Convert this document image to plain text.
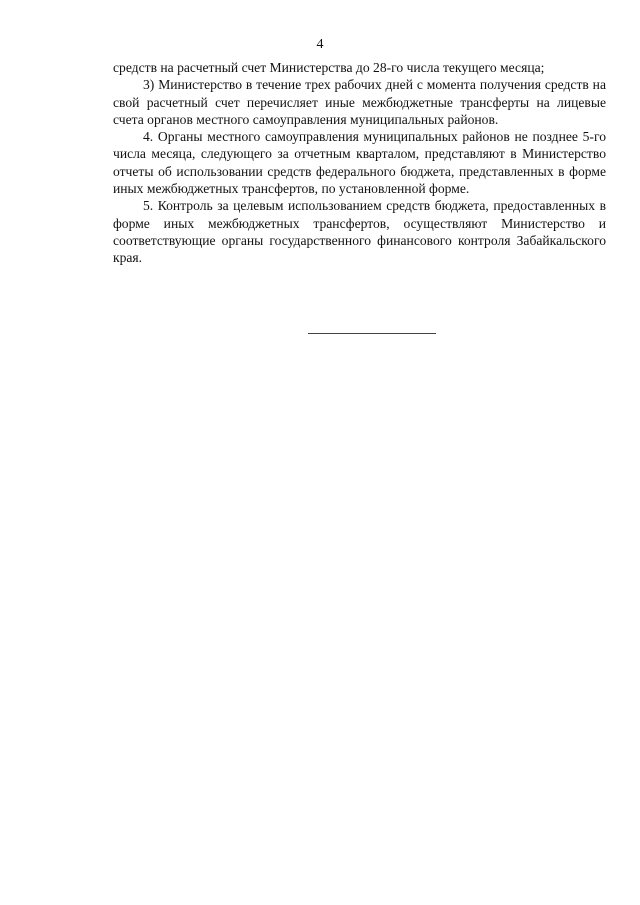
4

средств на расчетный счет Министерства до 28-го числа текущего месяца;

3) Министерство в течение трех рабочих дней с момента получения средств на свой расчетный счет перечисляет иные межбюджетные трансферты на лицевые счета органов местного самоуправления муниципальных районов.

4. Органы местного самоуправления муниципальных районов не позднее 5-го числа месяца, следующего за отчетным кварталом, представляют в Министерство отчеты об использовании средств федерального бюджета, представленных в форме иных межбюджетных трансфертов, по установленной форме.

5. Контроль за целевым использованием средств бюджета, предоставленных в форме иных межбюджетных трансфертов, осуществляют Министерство и соответствующие органы государственного финансового контроля Забайкальского края.
